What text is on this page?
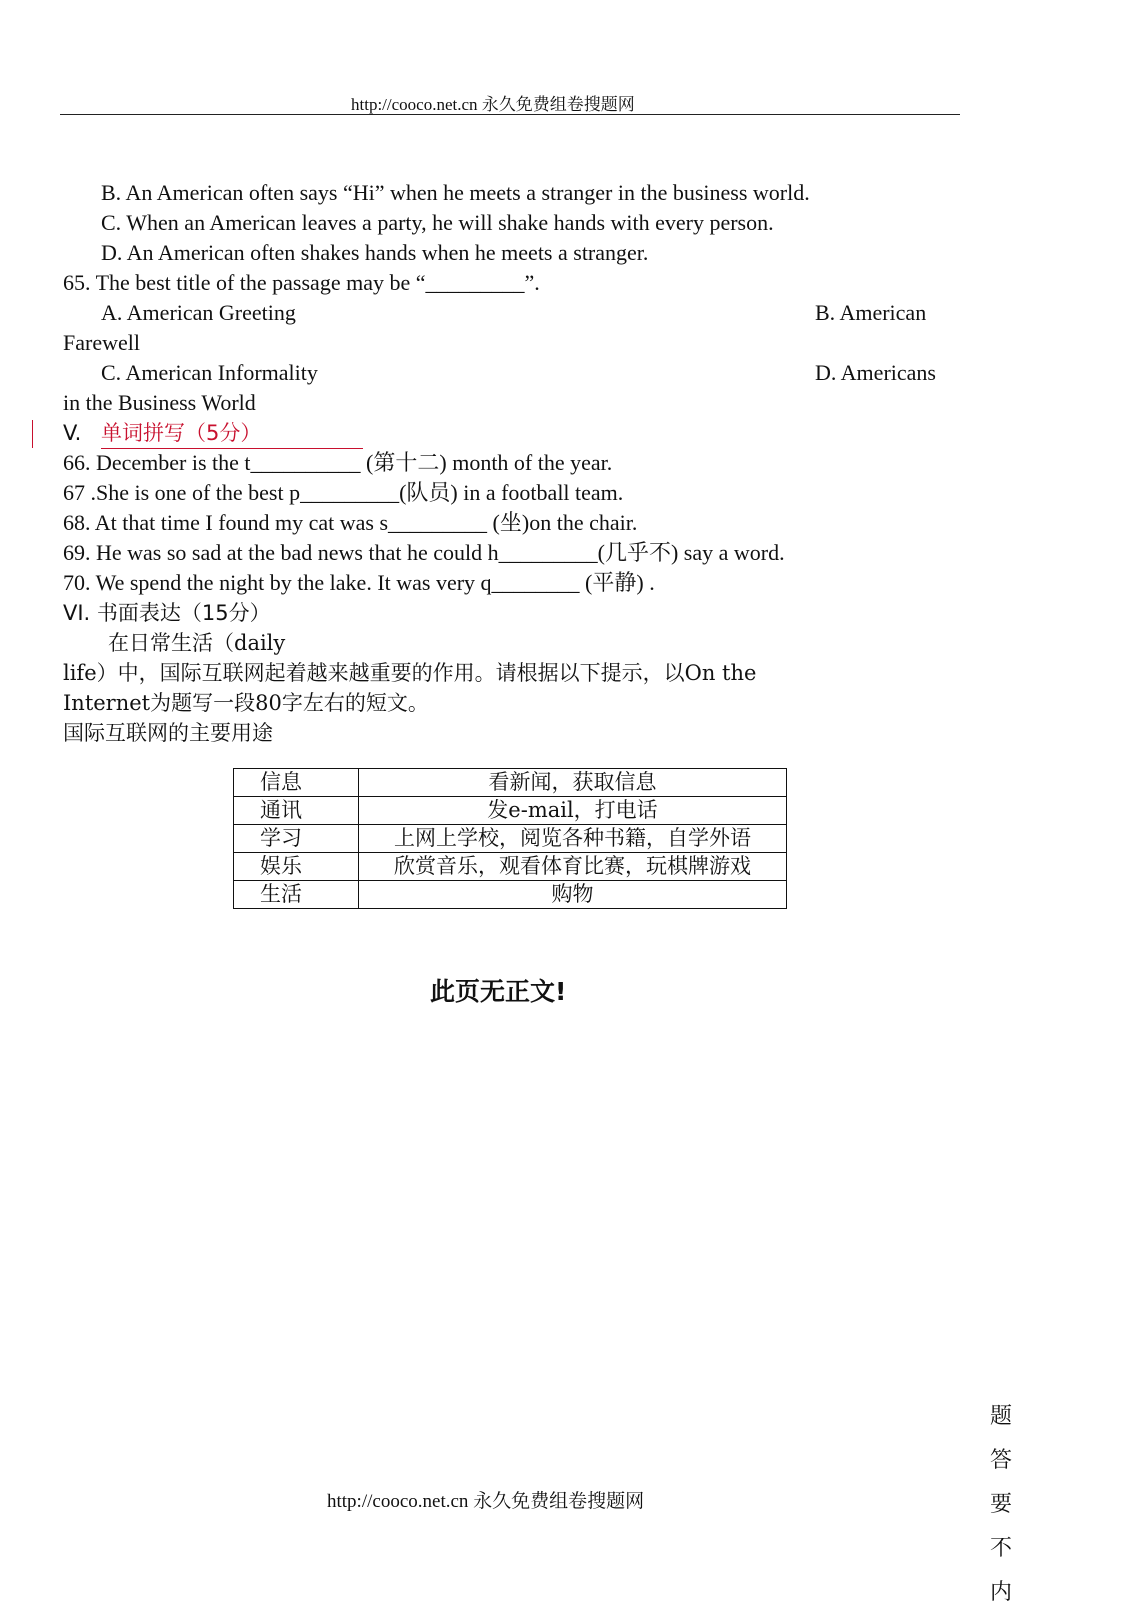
http://cooco.net.cn 永久免费组卷搜题网
B. An American often says “Hi” when he meets a stranger in the business world.
C. When an American leaves a party, he will shake hands with every person.
D. An American often shakes hands when he meets a stranger.
65. The best title of the passage may be “_________”.
A. American Greeting	B. American
Farewell
C. American Informality	D. Americans
in the Business World
V. 单词拼写（5分）
66. December is the t__________ (第十二) month of the year.
67 .She is one of the best p_________(队员) in a football team.
68. At that time I found my cat was s_________ (坐)on the chair.
69. He was so sad at the bad news that he could h_________(几乎不) say a word.
70. We spend the night by the lake. It was very q________ (平静) .
VI. 书面表达（15分）
在日常生活（daily
life）中，国际互联网起着越来越重要的作用。请根据以下提示，以On the
Internet为题写一段80字左右的短文。
国际互联网的主要用途
信息	看新闻，获取信息
通讯	发e-mail，打电话
学习	上网上学校，阅览各种书籍，自学外语
娱乐	欣赏音乐，观看体育比赛，玩棋牌游戏
生活	购物
此页无正文!
http://cooco.net.cn 永久免费组卷搜题网
题
答
要
不
内
